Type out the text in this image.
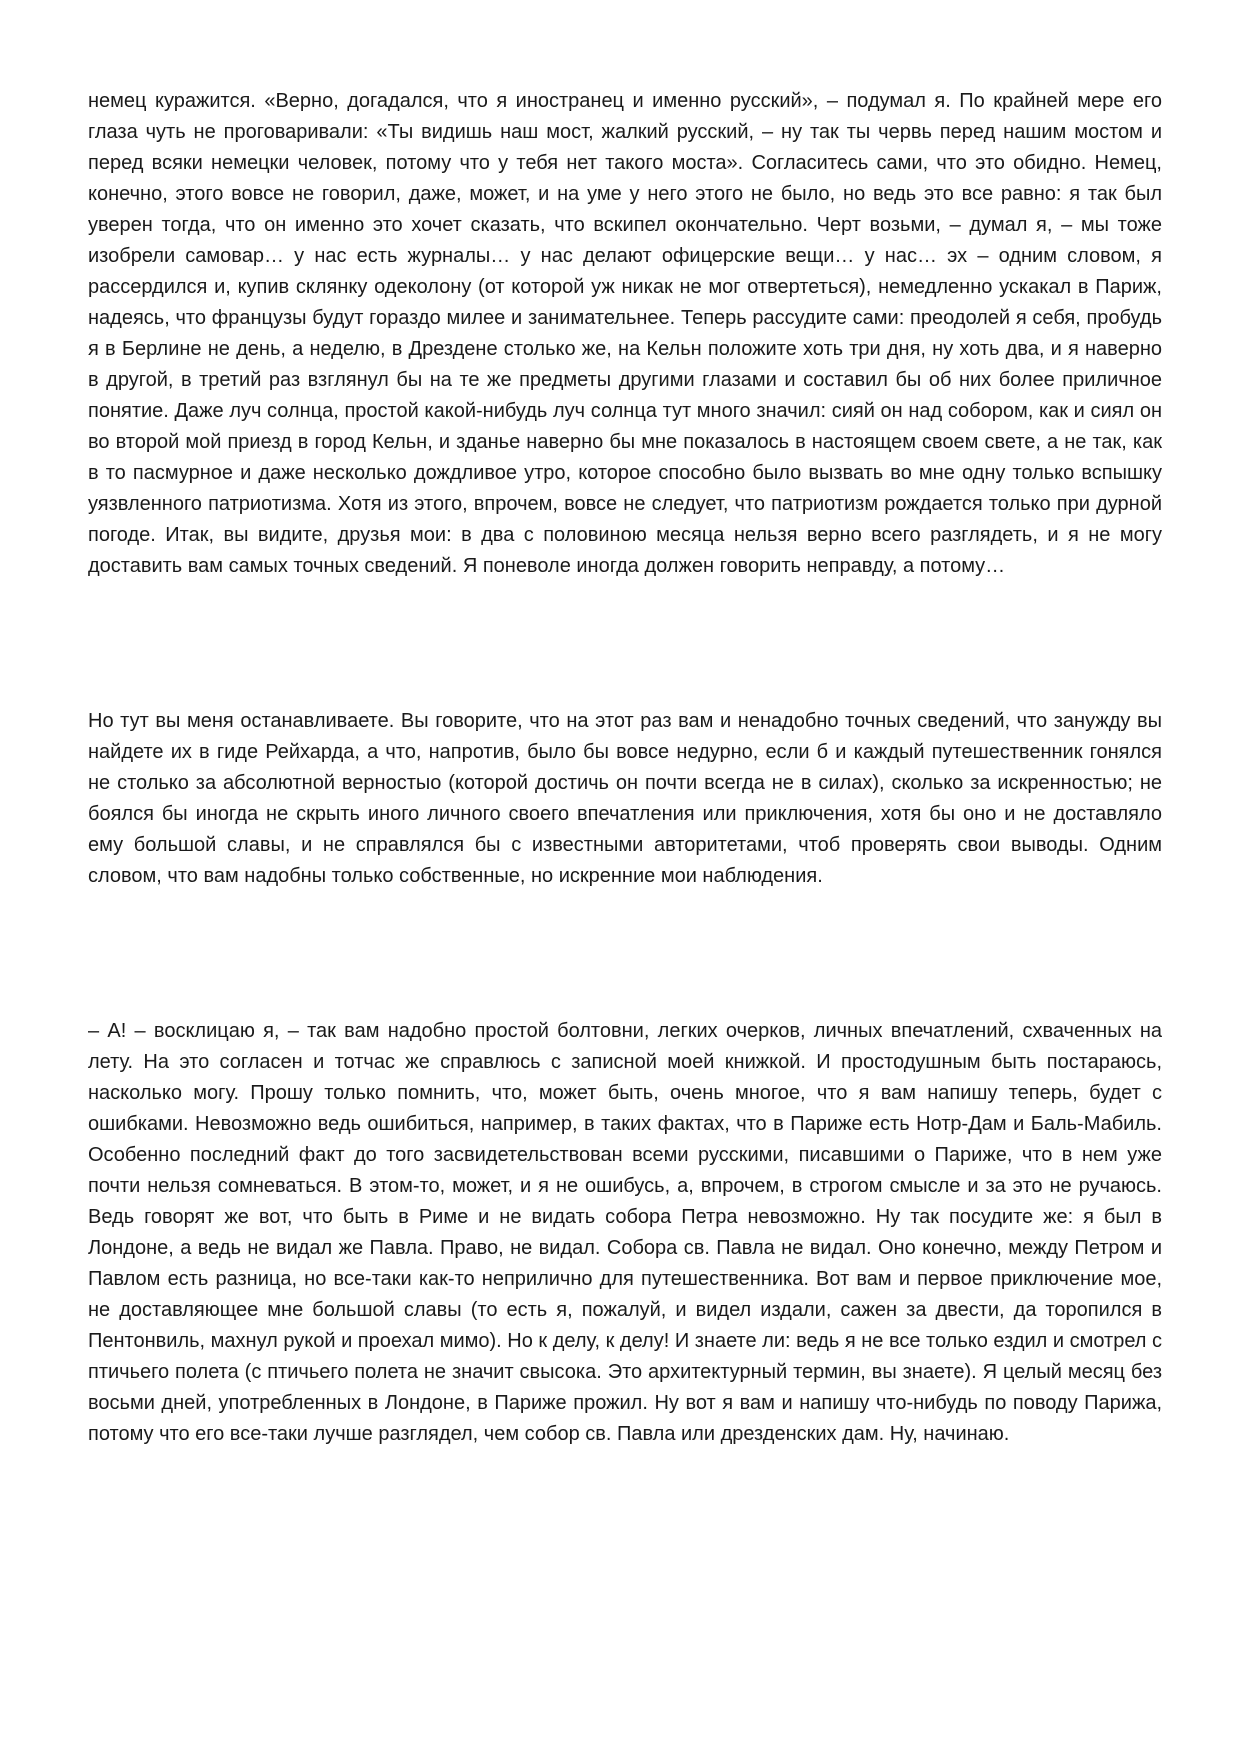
немец куражится. «Верно, догадался, что я иностранец и именно русский», – подумал я. По крайней мере его глаза чуть не проговаривали: «Ты видишь наш мост, жалкий русский, – ну так ты червь перед нашим мостом и перед всяки немецки человек, потому что у тебя нет такого моста». Согласитесь сами, что это обидно. Немец, конечно, этого вовсе не говорил, даже, может, и на уме у него этого не было, но ведь это все равно: я так был уверен тогда, что он именно это хочет сказать, что вскипел окончательно. Черт возьми, – думал я, – мы тоже изобрели самовар… у нас есть журналы… у нас делают офицерские вещи… у нас… эх – одним словом, я рассердился и, купив склянку одеколону (от которой уж никак не мог отвертеться), немедленно ускакал в Париж, надеясь, что французы будут гораздо милее и занимательнее. Теперь рассудите сами: преодолей я себя, пробудь я в Берлине не день, а неделю, в Дрездене столько же, на Кельн положите хоть три дня, ну хоть два, и я наверно в другой, в третий раз взглянул бы на те же предметы другими глазами и составил бы об них более приличное понятие. Даже луч солнца, простой какой-нибудь луч солнца тут много значил: сияй он над собором, как и сиял он во второй мой приезд в город Кельн, и зданье наверно бы мне показалось в настоящем своем свете, а не так, как в то пасмурное и даже несколько дождливое утро, которое способно было вызвать во мне одну только вспышку уязвленного патриотизма. Хотя из этого, впрочем, вовсе не следует, что патриотизм рождается только при дурной погоде. Итак, вы видите, друзья мои: в два с половиною месяца нельзя верно всего разглядеть, и я не могу доставить вам самых точных сведений. Я поневоле иногда должен говорить неправду, а потому…

Но тут вы меня останавливаете. Вы говорите, что на этот раз вам и ненадобно точных сведений, что занужду вы найдете их в гиде Рейхарда, а что, напротив, было бы вовсе недурно, если б и каждый путешественник гонялся не столько за абсолютной верностыо (которой достичь он почти всегда не в силах), сколько за искренностью; не боялся бы иногда не скрыть иного личного своего впечатления или приключения, хотя бы оно и не доставляло ему большой славы, и не справлялся бы с известными авторитетами, чтоб проверять свои выводы. Одним словом, что вам надобны только собственные, но искренние мои наблюдения.

– А! – восклицаю я, – так вам надобно простой болтовни, легких очерков, личных впечатлений, схваченных на лету. На это согласен и тотчас же справлюсь с записной моей книжкой. И простодушным быть постараюсь, насколько могу. Прошу только помнить, что, может быть, очень многое, что я вам напишу теперь, будет с ошибками. Невозможно ведь ошибиться, например, в таких фактах, что в Париже есть Нотр-Дам и Баль-Мабиль. Особенно последний факт до того засвидетельствован всеми русскими, писавшими о Париже, что в нем уже почти нельзя сомневаться. В этом-то, может, и я не ошибусь, а, впрочем, в строгом смысле и за это не ручаюсь. Ведь говорят же вот, что быть в Риме и не видать собора Петра невозможно. Ну так посудите же: я был в Лондоне, а ведь не видал же Павла. Право, не видал. Собора св. Павла не видал. Оно конечно, между Петром и Павлом есть разница, но все-таки как-то неприлично для путешественника. Вот вам и первое приключение мое, не доставляющее мне большой славы (то есть я, пожалуй, и видел издали, сажен за двести, да торопился в Пентонвиль, махнул рукой и проехал мимо). Но к делу, к делу! И знаете ли: ведь я не все только ездил и смотрел с птичьего полета (с птичьего полета не значит свысока. Это архитектурный термин, вы знаете). Я целый месяц без восьми дней, употребленных в Лондоне, в Париже прожил. Ну вот я вам и напишу что-нибудь по поводу Парижа, потому что его все-таки лучше разглядел, чем собор св. Павла или дрезденских дам. Ну, начинаю.
